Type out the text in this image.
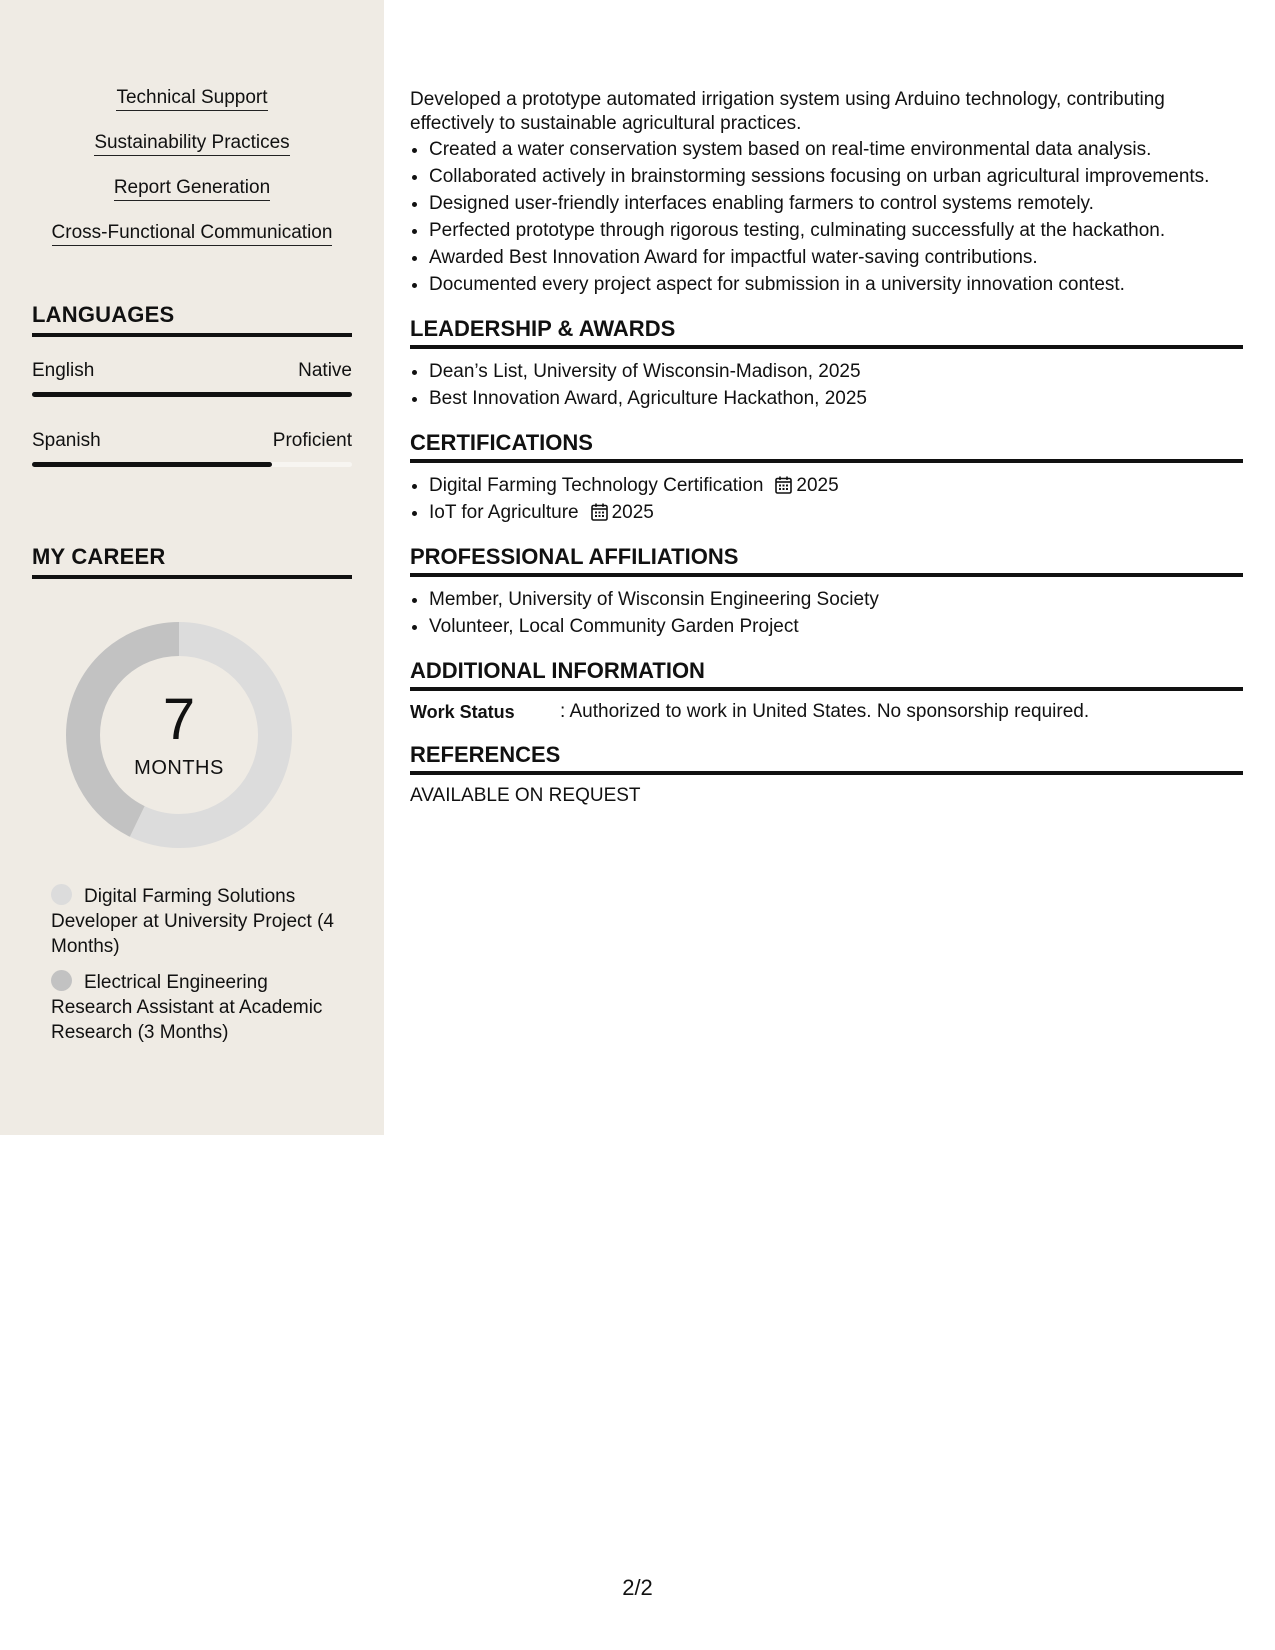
Technical Support
Sustainability Practices
Report Generation
Cross-Functional Communication
LANGUAGES
English	Native
Spanish	Proficient
MY CAREER
7
MONTHS
Digital Farming Solutions Developer at University Project (4 Months)
Electrical Engineering Research Assistant at Academic Research (3 Months)

Developed a prototype automated irrigation system using Arduino technology, contributing effectively to sustainable agricultural practices.

• Created a water conservation system based on real-time environmental data analysis.
• Collaborated actively in brainstorming sessions focusing on urban agricultural improvements.
• Designed user-friendly interfaces enabling farmers to control systems remotely.
• Perfected prototype through rigorous testing, culminating successfully at the hackathon.
• Awarded Best Innovation Award for impactful water-saving contributions.
• Documented every project aspect for submission in a university innovation contest.
LEADERSHIP & AWARDS
• Dean’s List, University of Wisconsin-Madison, 2025
• Best Innovation Award, Agriculture Hackathon, 2025
CERTIFICATIONS
• Digital Farming Technology Certification 2025
• IoT for Agriculture 2025
PROFESSIONAL AFFILIATIONS
• Member, University of Wisconsin Engineering Society
• Volunteer, Local Community Garden Project
ADDITIONAL INFORMATION
Work Status	: Authorized to work in United States. No sponsorship required.
REFERENCES
AVAILABLE ON REQUEST
2/2
